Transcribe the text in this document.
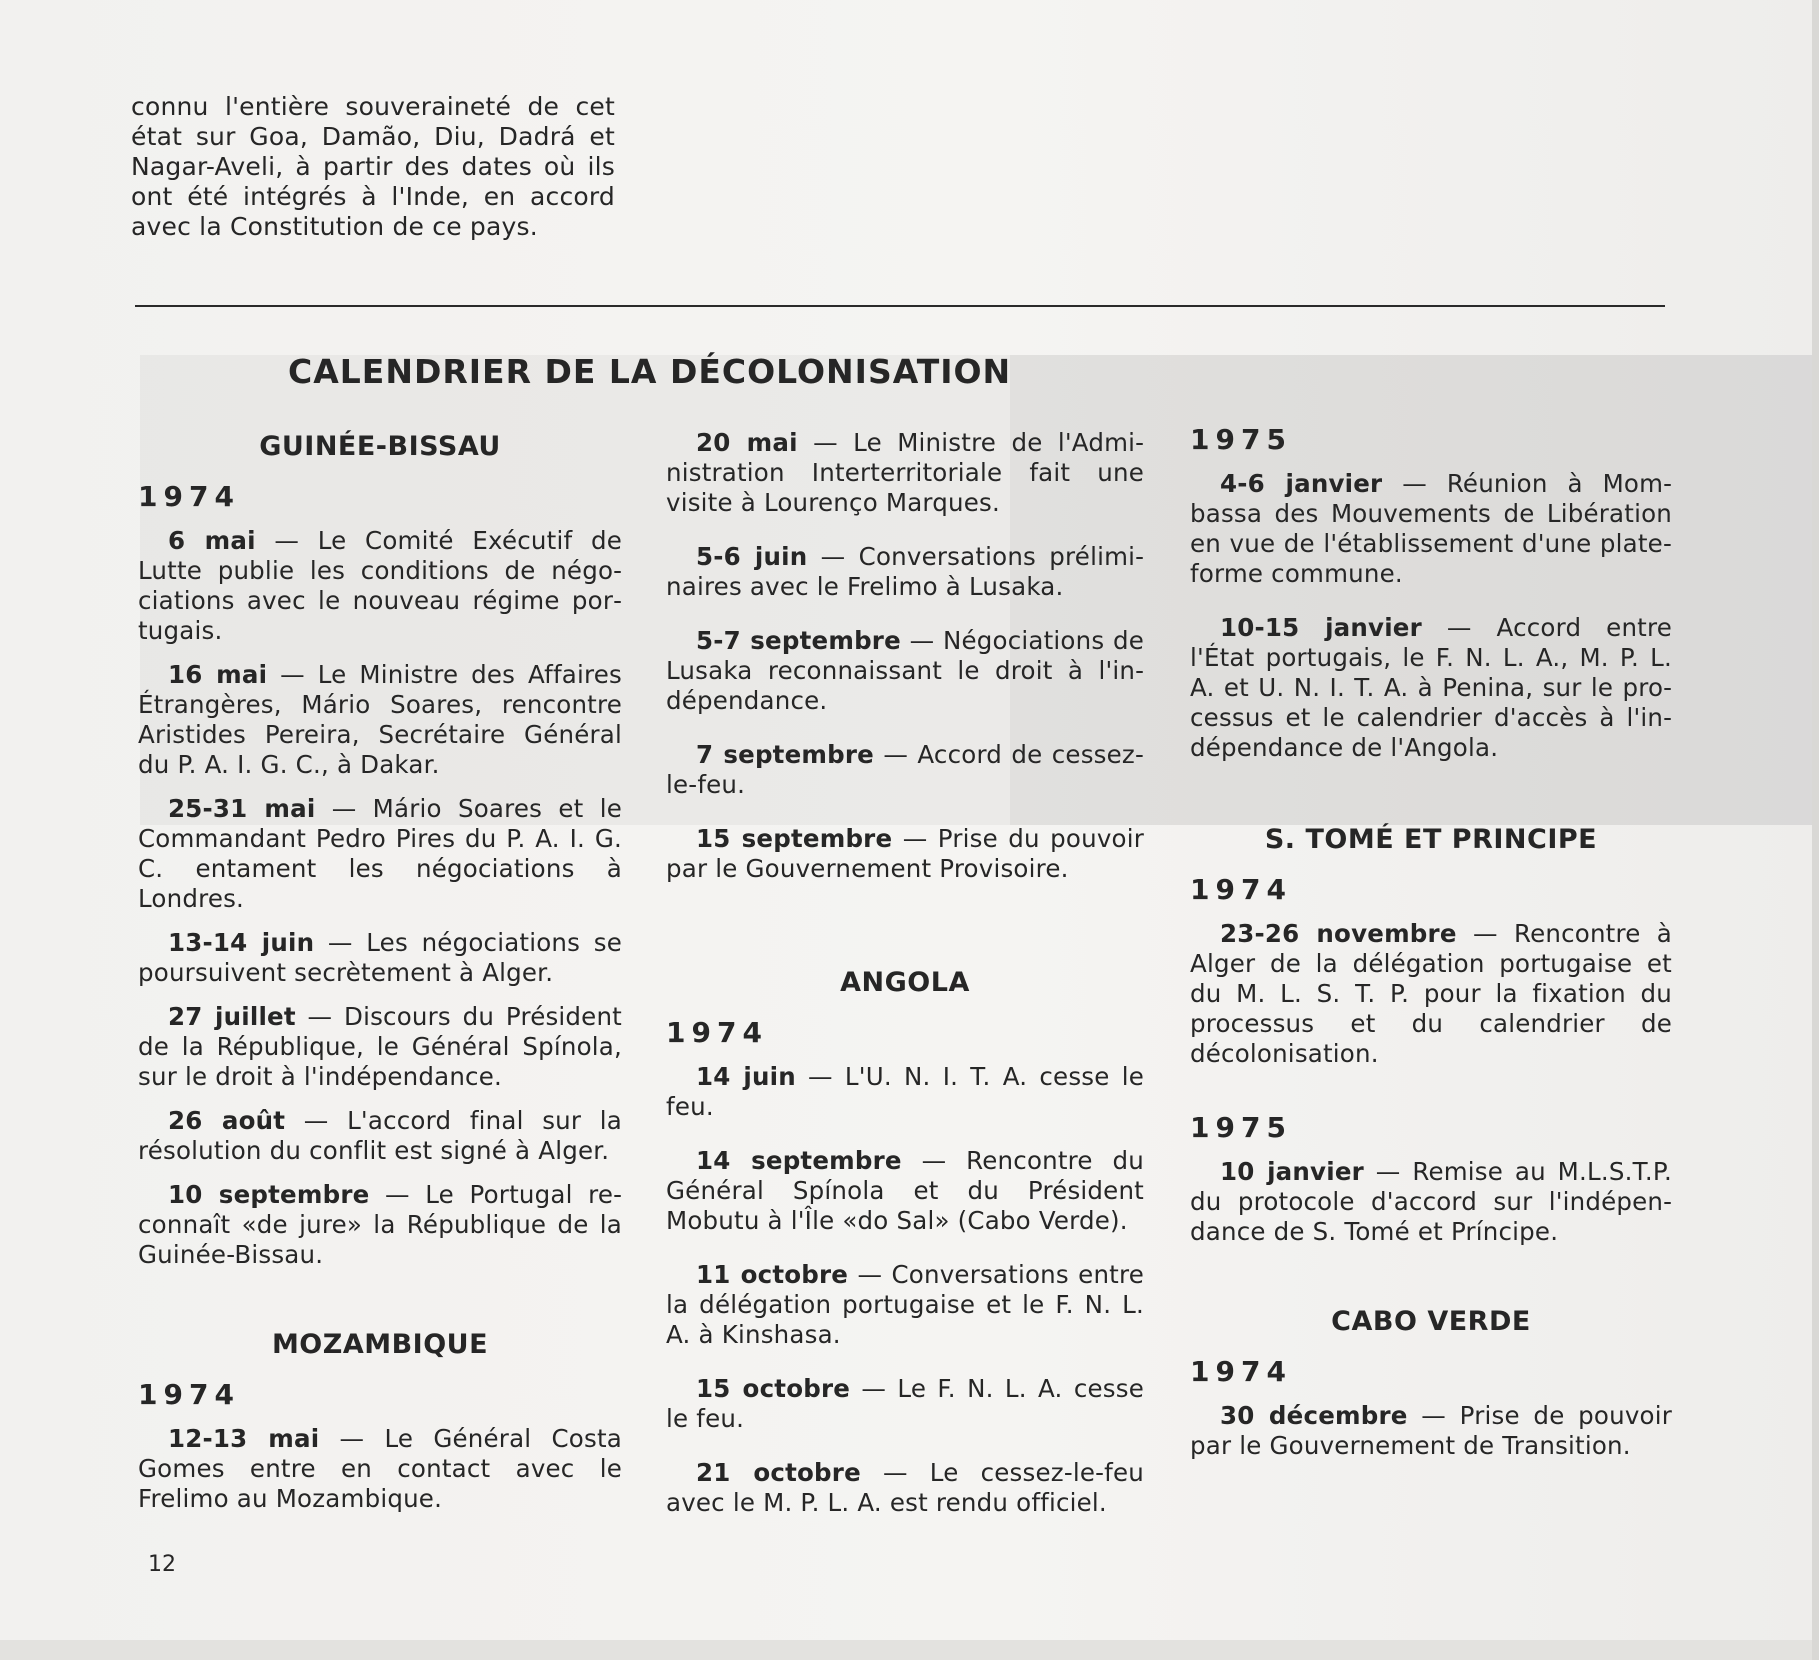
connu l'entière souveraineté de cet état sur Goa, Damão, Diu, Dadrá et Nagar-Aveli, à partir des dates où ils ont été intégrés à l'Inde, en accord avec la Constitution de ce pays.

CALENDRIER DE LA DÉCOLONISATION
GUINÉE-BISSAU
1974

6 mai — Le Comité Exécutif de Lutte publie les conditions de négociations avec le nouveau régime portugais.

16 mai — Le Ministre des Affaires Étrangères, Mário Soares, rencontre Aristides Pereira, Secrétaire Général du P. A. I. G. C., à Dakar.

25-31 mai — Mário Soares et le Commandant Pedro Pires du P. A. I. G. C. entament les négociations à Londres.

13-14 juin — Les négociations se poursuivent secrètement à Alger.

27 juillet — Discours du Président de la République, le Général Spínola, sur le droit à l'indépendance.

26 août — L'accord final sur la résolution du conflit est signé à Alger.

10 septembre — Le Portugal reconnaît «de jure» la République de la Guinée-Bissau.

MOZAMBIQUE
1974

12-13 mai — Le Général Costa Gomes entre en contact avec le Frelimo au Mozambique.

20 mai — Le Ministre de l'Administration Interterritoriale fait une visite à Lourenço Marques.

5-6 juin — Conversations préliminaires avec le Frelimo à Lusaka.

5-7 septembre — Négociations de Lusaka reconnaissant le droit à l'indépendance.

7 septembre — Accord de cessez-le-feu.

15 septembre — Prise du pouvoir par le Gouvernement Provisoire.

ANGOLA
1974

14 juin — L'U. N. I. T. A. cesse le feu.

14 septembre — Rencontre du Général Spínola et du Président Mobutu à l'Île «do Sal» (Cabo Verde).

11 octobre — Conversations entre la délégation portugaise et le F. N. L. A. à Kinshasa.

15 octobre — Le F. N. L. A. cesse le feu.

21 octobre — Le cessez-le-feu avec le M. P. L. A. est rendu officiel.

1975

4-6 janvier — Réunion à Mombassa des Mouvements de Libération en vue de l'établissement d'une plate-forme commune.

10-15 janvier — Accord entre l'État portugais, le F. N. L. A., M. P. L. A. et U. N. I. T. A. à Penina, sur le processus et le calendrier d'accès à l'indépendance de l'Angola.

S. TOMÉ ET PRINCIPE
1974

23-26 novembre — Rencontre à Alger de la délégation portugaise et du M. L. S. T. P. pour la fixation du processus et du calendrier de décolonisation.

1975

10 janvier — Remise au M.L.S.T.P. du protocole d'accord sur l'indépendance de S. Tomé et Príncipe.

CABO VERDE
1974

30 décembre — Prise de pouvoir par le Gouvernement de Transition.

12
